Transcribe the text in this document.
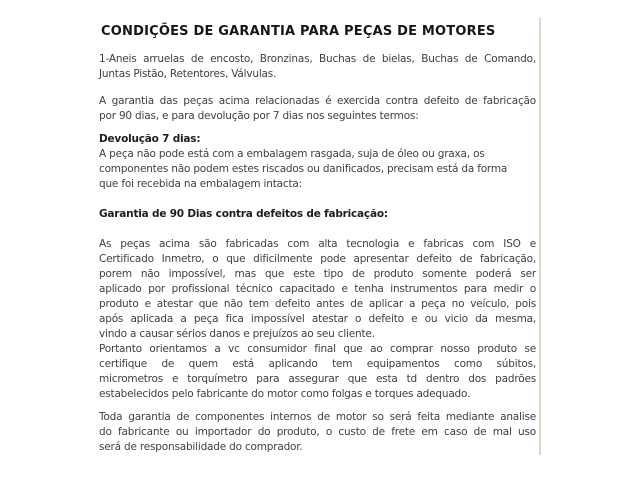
CONDIÇÕES DE GARANTIA PARA PEÇAS DE MOTORES
1-Aneis arruelas de encosto, Bronzinas, Buchas de bielas, Buchas de Comando,
Juntas Pistão, Retentores, Válvulas.
A garantia das peças acima relacionadas é exercida contra defeito de fabricação
por 90 dias, e para devolução por 7 dias nos seguintes termos:
Devolução 7 dias:
A peça não pode está com a embalagem rasgada, suja de óleo ou graxa, os
componentes não podem estes riscados ou danificados, precisam está da forma
que foi recebida na embalagem intacta:
Garantia de 90 Dias contra defeitos de fabricação:
As peças acima são fabricadas com alta tecnologia e fabricas com ISO e
Certificado Inmetro, o que dificilmente pode apresentar defeito de fabricação,
porem não impossível, mas que este tipo de produto somente poderá ser
aplicado por profissional técnico capacitado e tenha instrumentos para medir o
produto e atestar que não tem defeito antes de aplicar a peça no veículo, pois
após aplicada a peça fica impossível atestar o defeito e ou vicio da mesma,
vindo a causar sérios danos e prejuízos ao seu cliente.
Portanto orientamos a vc consumidor final que ao comprar nosso produto se
certifique de quem está aplicando tem equipamentos como súbitos,
micrometros e torquímetro para assegurar que esta td dentro dos padrões
estabelecidos pelo fabricante do motor como folgas e torques adequado.
Toda garantia de componentes internos de motor so será feita mediante analise
do fabricante ou importador do produto, o custo de frete em caso de mal uso
será de responsabilidade do comprador.
